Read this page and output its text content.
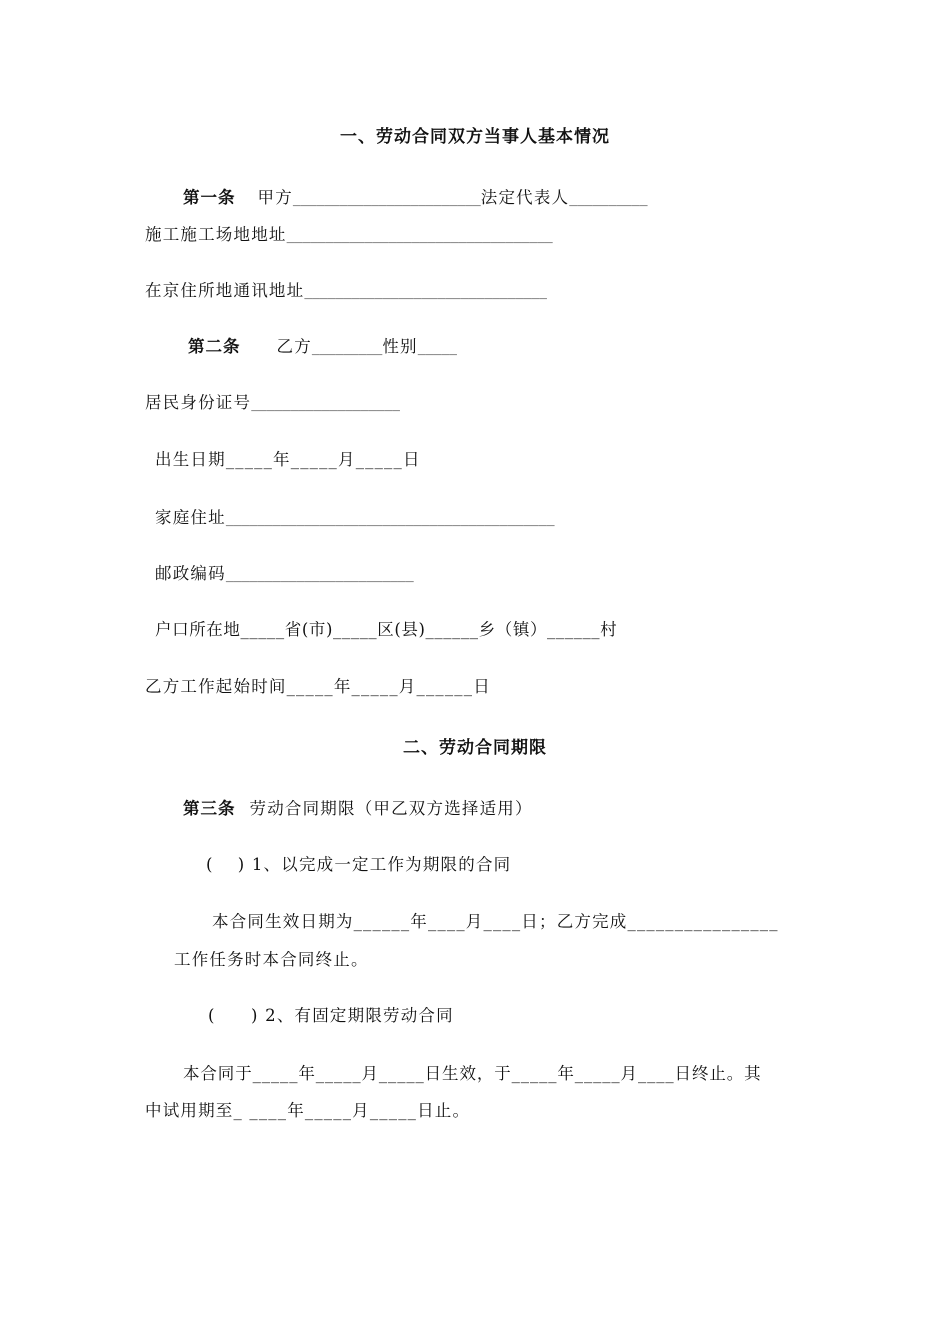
一、劳动合同双方当事人基本情况
第一条 甲方________________________法定代表人__________
施工施工场地地址__________________________________
在京住所地通讯地址_______________________________
第二条 乙方_________性别_____
居民身份证号___________________
出生日期_____年_____月_____日
家庭住址__________________________________________
邮政编码________________________
户口所在地_____省(市)_____区(县)______乡（镇）______村
乙方工作起始时间_____年_____月______日
二、劳动合同期限
第三条 劳动合同期限（甲乙双方选择适用）
(　 ) 1、以完成一定工作为期限的合同
本合同生效日期为______年____月____日；乙方完成________________
工作任务时本合同终止。
(　　) 2、有固定期限劳动合同
本合同于_____年_____月_____日生效，于_____年_____月____日终止。其
中试用期至_ ____年_____月_____日止。
